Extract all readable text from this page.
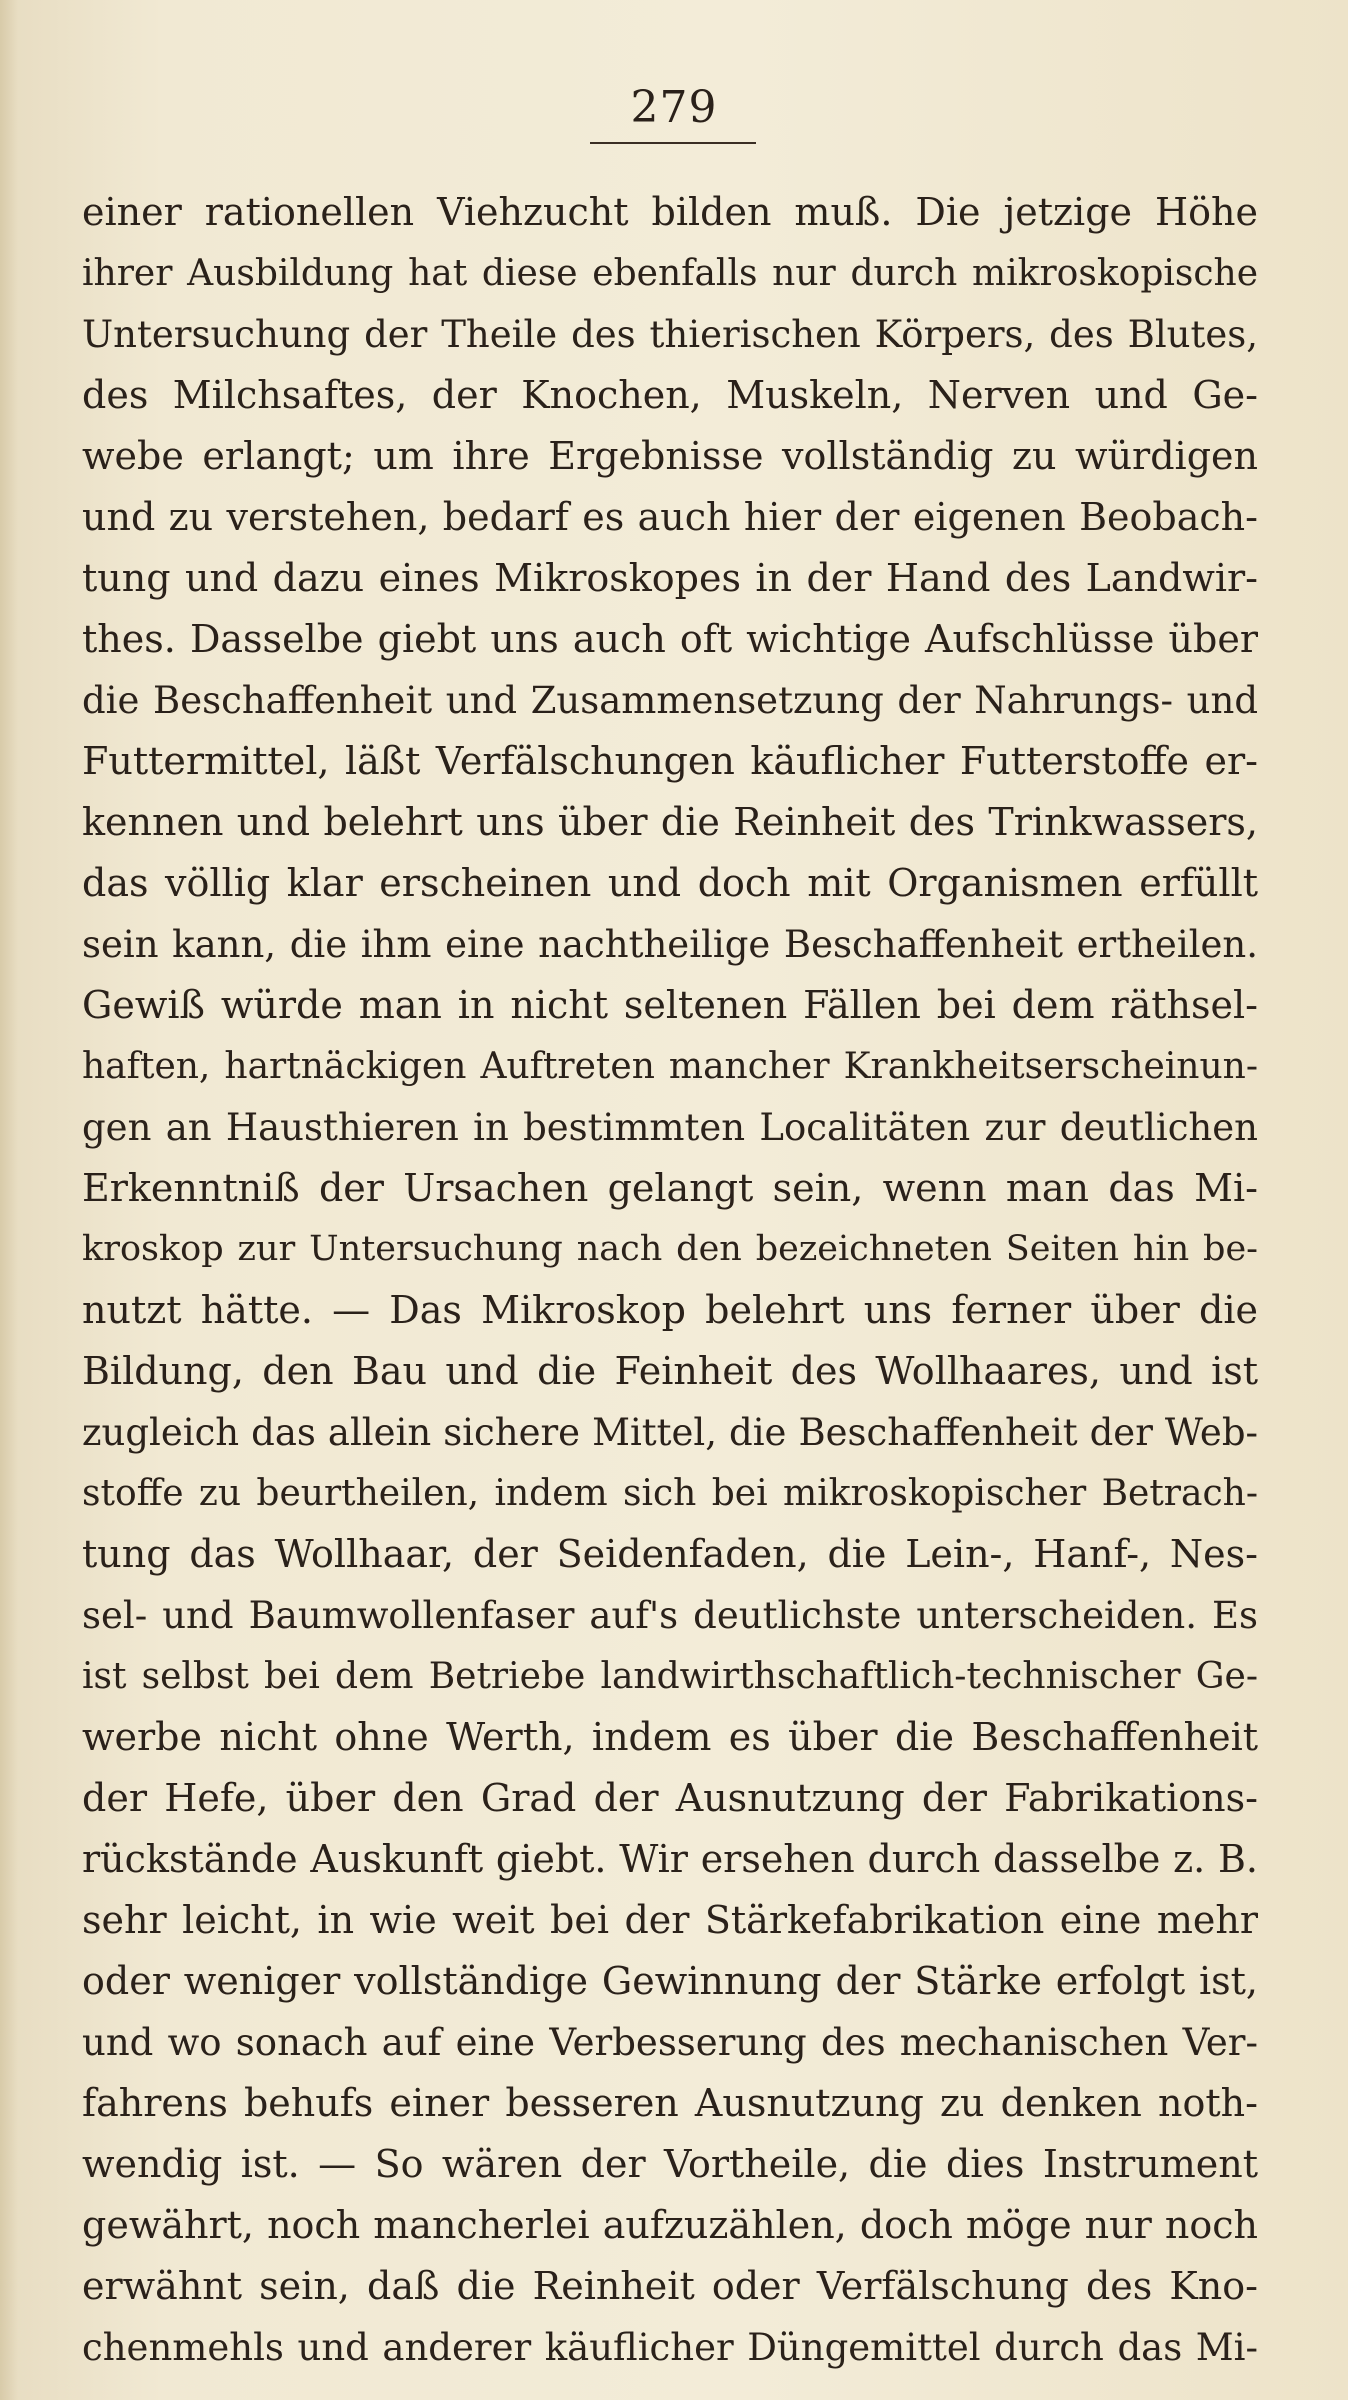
279
einer rationellen Viehzucht bilden muß. Die jetzige Höhe
ihrer Ausbildung hat diese ebenfalls nur durch mikroskopische
Untersuchung der Theile des thierischen Körpers, des Blutes,
des Milchsaftes, der Knochen, Muskeln, Nerven und Ge-
webe erlangt; um ihre Ergebnisse vollständig zu würdigen
und zu verstehen, bedarf es auch hier der eigenen Beobach-
tung und dazu eines Mikroskopes in der Hand des Landwir-
thes. Dasselbe giebt uns auch oft wichtige Aufschlüsse über
die Beschaffenheit und Zusammensetzung der Nahrungs- und
Futtermittel, läßt Verfälschungen käuflicher Futterstoffe er-
kennen und belehrt uns über die Reinheit des Trinkwassers,
das völlig klar erscheinen und doch mit Organismen erfüllt
sein kann, die ihm eine nachtheilige Beschaffenheit ertheilen.
Gewiß würde man in nicht seltenen Fällen bei dem räthsel-
haften, hartnäckigen Auftreten mancher Krankheitserscheinun-
gen an Hausthieren in bestimmten Localitäten zur deutlichen
Erkenntniß der Ursachen gelangt sein, wenn man das Mi-
kroskop zur Untersuchung nach den bezeichneten Seiten hin be-
nutzt hätte. — Das Mikroskop belehrt uns ferner über die
Bildung, den Bau und die Feinheit des Wollhaares, und ist
zugleich das allein sichere Mittel, die Beschaffenheit der Web-
stoffe zu beurtheilen, indem sich bei mikroskopischer Betrach-
tung das Wollhaar, der Seidenfaden, die Lein-, Hanf-, Nes-
sel- und Baumwollenfaser auf's deutlichste unterscheiden. Es
ist selbst bei dem Betriebe landwirthschaftlich-technischer Ge-
werbe nicht ohne Werth, indem es über die Beschaffenheit
der Hefe, über den Grad der Ausnutzung der Fabrikations-
rückstände Auskunft giebt. Wir ersehen durch dasselbe z. B.
sehr leicht, in wie weit bei der Stärkefabrikation eine mehr
oder weniger vollständige Gewinnung der Stärke erfolgt ist,
und wo sonach auf eine Verbesserung des mechanischen Ver-
fahrens behufs einer besseren Ausnutzung zu denken noth-
wendig ist. — So wären der Vortheile, die dies Instrument
gewährt, noch mancherlei aufzuzählen, doch möge nur noch
erwähnt sein, daß die Reinheit oder Verfälschung des Kno-
chenmehls und anderer käuflicher Düngemittel durch das Mi-
